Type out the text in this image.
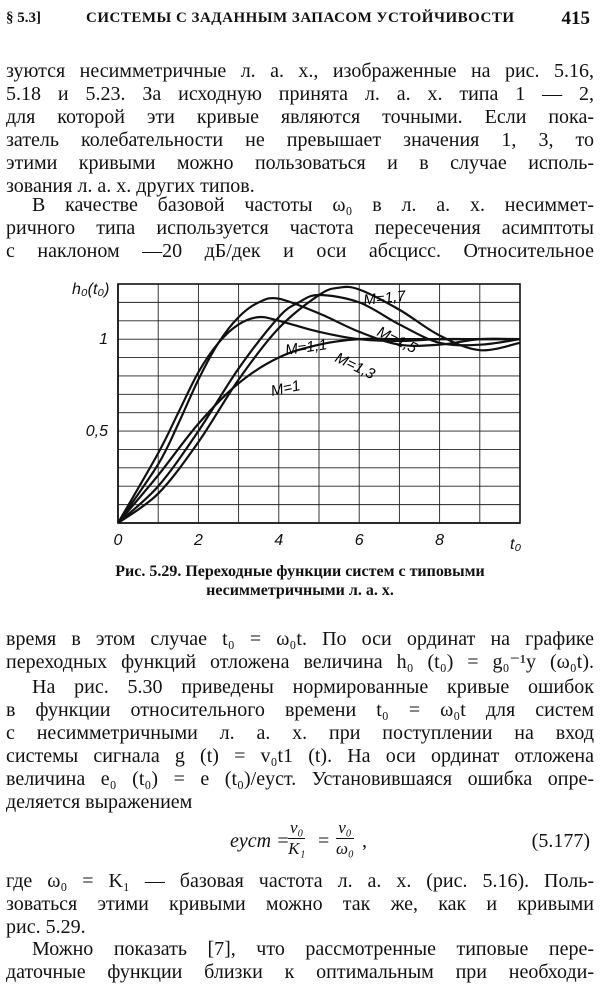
§ 5.3]	СИСТЕМЫ С ЗАДАННЫМ ЗАПАСОМ УСТОЙЧИВОСТИ 415
зуются несимметричные л. а. х., изображенные на рис. 5.16,
5.18 и 5.23. За исходную принята л. а. х. типа 1 — 2,
для которой эти кривые являются точными. Если пока-
затель колебательности не превышает значения 1, 3, то
этими кривыми можно пользоваться и в случае исполь-
зования л. а. х. других типов.
В качестве базовой частоты ω₀ в л. а. х. несиммет-
ричного типа используется частота пересечения асимптоты
с наклоном —20 дБ/дек и оси абсцисс. Относительное
M=1
M=1,1
M=1,3
M=1,5
M=1,7
0	2	4	6	8
0,5
1
h₀(t₀)
t₀
Рис. 5.29. Переходные функции систем с типовыми
несимметричными л. а. х.
время в этом случае t₀ = ω₀t. По оси ординат на графике
переходных функций отложена величина h₀ (t₀) = g₀⁻¹y (ω₀t).
На рис. 5.30 приведены нормированные кривые ошибок
в функции относительного времени t₀ = ω₀t для систем
с несимметричными л. а. х. при поступлении на вход
системы сигнала g (t) = v₀t1 (t). На оси ординат отложена
величина e₀ (t₀) = e (t₀)/eуст. Установившаяся ошибка опре-
деляется выражением
eуст =
$\frac{\text{v₀}}{\text{K₁}} = \frac{\text{v₀}}{\text{ω₀}}$ ,	(5.177)
где ω₀ = K₁ — базовая частота л. а. х. (рис. 5.16). Поль-
зоваться этими кривыми можно так же, как и кривыми
рис. 5.29.
Можно показать [7], что рассмотренные типовые пере-
даточные функции близки к оптимальным при необходи-
